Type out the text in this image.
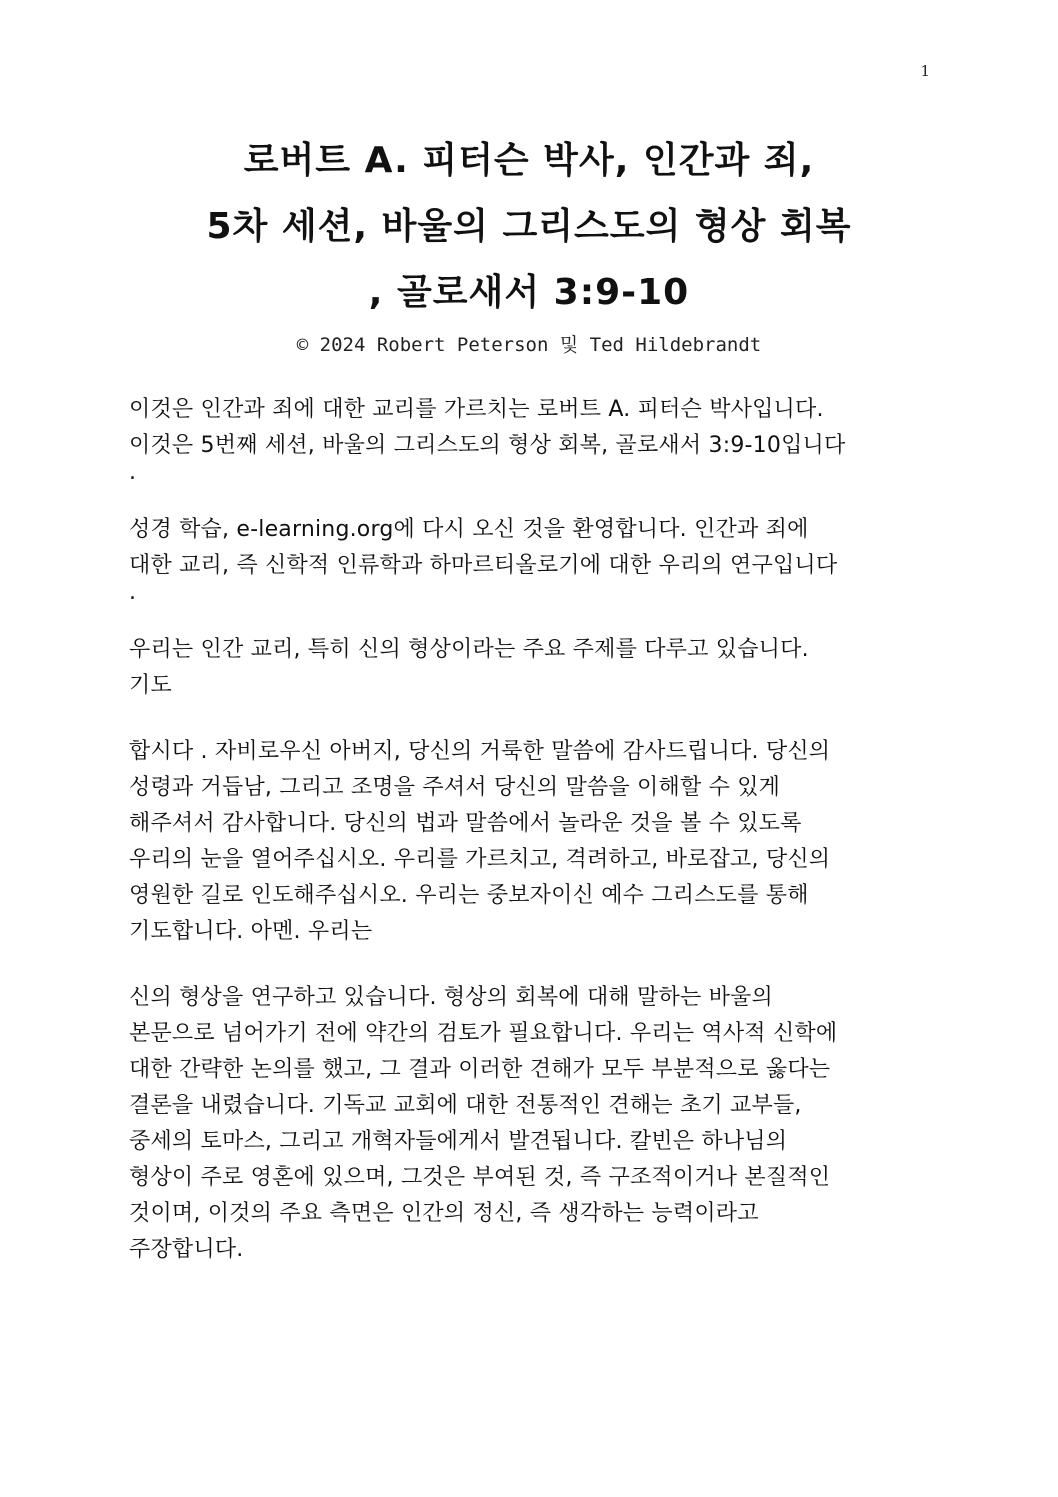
1
로버트 A. 피터슨 박사, 인간과 죄,
5차 세션, 바울의 그리스도의 형상 회복
, 골로새서 3:9-10
© 2024 Robert Peterson 및 Ted Hildebrandt
이것은 인간과 죄에 대한 교리를 가르치는 로버트 A. 피터슨 박사입니다.
이것은 5번째 세션, 바울의 그리스도의 형상 회복, 골로새서 3:9-10입니다
.
성경 학습, e-learning.org에 다시 오신 것을 환영합니다. 인간과 죄에
대한 교리, 즉 신학적 인류학과 하마르티올로기에 대한 우리의 연구입니다
.
우리는 인간 교리, 특히 신의 형상이라는 주요 주제를 다루고 있습니다.
기도
합시다 . 자비로우신 아버지, 당신의 거룩한 말씀에 감사드립니다. 당신의
성령과 거듭남, 그리고 조명을 주셔서 당신의 말씀을 이해할 수 있게
해주셔서 감사합니다. 당신의 법과 말씀에서 놀라운 것을 볼 수 있도록
우리의 눈을 열어주십시오. 우리를 가르치고, 격려하고, 바로잡고, 당신의
영원한 길로 인도해주십시오. 우리는 중보자이신 예수 그리스도를 통해
기도합니다. 아멘. 우리는
신의 형상을 연구하고 있습니다. 형상의 회복에 대해 말하는 바울의
본문으로 넘어가기 전에 약간의 검토가 필요합니다. 우리는 역사적 신학에
대한 간략한 논의를 했고, 그 결과 이러한 견해가 모두 부분적으로 옳다는
결론을 내렸습니다. 기독교 교회에 대한 전통적인 견해는 초기 교부들,
중세의 토마스, 그리고 개혁자들에게서 발견됩니다. 칼빈은 하나님의
형상이 주로 영혼에 있으며, 그것은 부여된 것, 즉 구조적이거나 본질적인
것이며, 이것의 주요 측면은 인간의 정신, 즉 생각하는 능력이라고
주장합니다.
